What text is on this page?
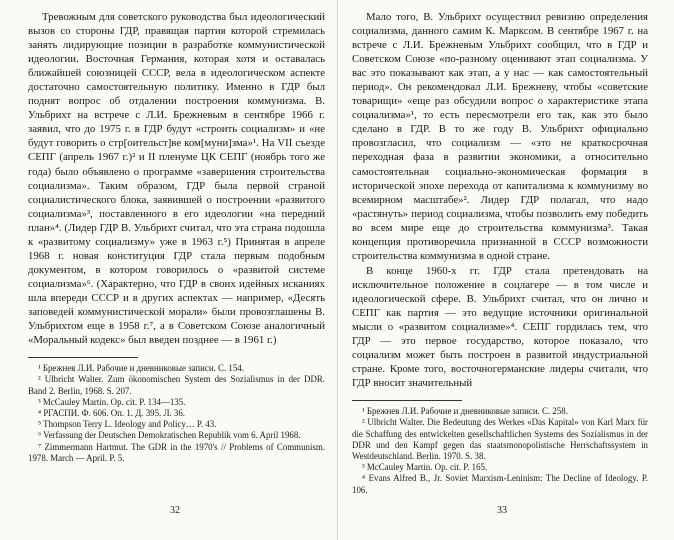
Тревожным для советского руководства был идеологический вызов со стороны ГДР, правящая партия которой стремилась занять лидирующие позиции в разработке коммунистической идеологии. Восточная Германия, которая хотя и оставалась ближайшей союзницей СССР, вела в идеологическом аспекте достаточно самостоятельную политику. Именно в ГДР был поднят вопрос об отдалении построения коммунизма. В. Ульбрихт на встрече с Л.И. Брежневым в сентябре 1966 г. заявил, что до 1975 г. в ГДР будут «строить социализм» и «не будут говорить о стр[оительст]ве ком[муни]зма»¹. На VII съезде СЕПГ (апрель 1967 г.)² и II пленуме ЦК СЕПГ (ноябрь того же года) было объявлено о программе «завершения строительства социализма». Таким образом, ГДР была первой страной социалистического блока, заявившей о построении «развитого социализма»³, поставленного в его идеологии «на передний план»⁴. (Лидер ГДР В. Ульбрихт считал, что эта страна подошла к «развитому социализму» уже в 1963 г.⁵) Принятая в апреле 1968 г. новая конституция ГДР стала первым подобным документом, в котором говорилось о «развитой системе социализма»⁶. (Характерно, что ГДР в своих идейных исканиях шла впереди СССР и в других аспектах — например, «Десять заповедей коммунистической морали» были провозглашены В. Ульбрихтом еще в 1958 г.⁷, а в Советском Союзе аналогичный «Моральный кодекс» был введен позднее — в 1961 г.)

¹ Брежнев Л.И. Рабочие и дневниковые записи. С. 154.
² Ulbricht Walter. Zum ökonomischen System des Sozialismus in der DDR. Band 2. Berlin, 1968. S. 207.
³ McCauley Martin. Op. cit. P. 134—135.
⁴ РГАСПИ. Ф. 606. Оп. 1. Д. 395. Л. 36.
⁵ Thompson Terry L. Ideology and Policy… P. 43.
⁶ Verfassung der Deutschen Demokratischen Republik vom 6. April 1968.
⁷ Zimmermann Hartmut. The GDR in the 1970's // Problems of Communism. 1978. March — April. P. 5.
32

Мало того, В. Ульбрихт осуществил ревизию определения социализма, данного самим К. Марксом. В сентябре 1967 г. на встрече с Л.И. Брежневым Ульбрихт сообщил, что в ГДР и Советском Союзе «по-разному оценивают этап социализма. У вас это показывают как этап, а у нас — как самостоятельный период». Он рекомендовал Л.И. Брежневу, чтобы «советские товарищи» «еще раз обсудили вопрос о характеристике этапа социализма»¹, то есть пересмотрели его так, как это было сделано в ГДР. В то же году В. Ульбрихт официально провозгласил, что социализм — «это не краткосрочная переходная фаза в развитии экономики, а относительно самостоятельная социально-экономическая формация в исторической эпохе перехода от капитализма к коммунизму во всемирном масштабе»². Лидер ГДР полагал, что надо «растянуть» период социализма, чтобы позволить ему победить во всем мире еще до строительства коммунизма³. Такая концепция противоречила признанной в СССР возможности строительства коммунизма в одной стране.

В конце 1960-х гг. ГДР стала претендовать на исключительное положение в соцлагере — в том числе и идеологической сфере. В. Ульбрихт считал, что он лично и СЕПГ как партия — это ведущие источники оригинальной мысли о «развитом социализме»⁴. СЕПГ гордилась тем, что ГДР — это первое государство, которое показало, что социализм может быть построен в развитой индустриальной стране. Кроме того, восточногерманские лидеры считали, что ГДР вносит значительный

¹ Брежнев Л.И. Рабочие и дневниковые записи. С. 258.
² Ulbricht Walter. Die Bedeutung des Werkes «Das Kapital» von Karl Marx für die Schaffung des entwickelten gesellschaftlichen Systems des Sozialismus in der DDR und den Kampf gegen das staatsmonopolistische Herrschaftssystem in Westdeutschland. Berlin. 1970. S. 38.
³ McCauley Martin. Op. cit. P. 165.
⁴ Evans Alfred B., Jr. Soviet Marxism-Leninism: The Decline of Ideology. P. 106.
33
